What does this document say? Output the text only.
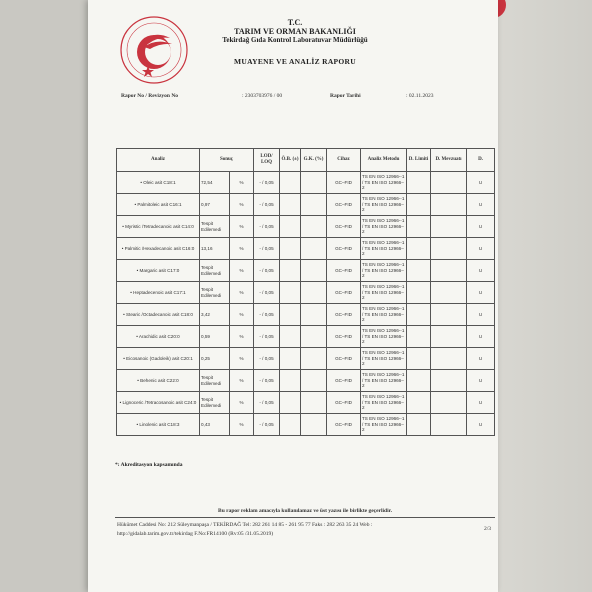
T.C.
TARIM VE ORMAN BAKANLIĞI
Tekirdağ Gıda Kontrol Laboratuvar Müdürlüğü
MUAYENE VE ANALİZ RAPORU
Rapor No / Revizyon No	: 2303703976 / 00	Rapor Tarihi	: 02.11.2023
Analiz	Sonuç		LOD/ LOQ	Ö.B. (±)	G.K. (%)	Cihaz	Analiz Metodu	D. Limiti	D. Mevzuatı	D.
• Oleic asit C18:1	72,54	%	- / 0,05			GC–FID	TS EN ISO 12966--1 / TS EN ISO 12966–2			U
• Palmitoleic asit C16:1	0,97	%	- / 0,05			GC–FID	TS EN ISO 12966--1 / TS EN ISO 12966–2			U
• Myristic /Tetradecanoic asit C14:0	Tespit Edilemedi	%	- / 0,05			GC–FID	TS EN ISO 12966--1 / TS EN ISO 12966–2			U
• Palmitic /Hexadecanoic asit C16:0	13,16	%	- / 0,05			GC–FID	TS EN ISO 12966--1 / TS EN ISO 12966–2			U
• Margaric asit C17:0	Tespit Edilemedi	%	- / 0,05			GC–FID	TS EN ISO 12966--1 / TS EN ISO 12966–2			U
• Heptadecenoic asit C17:1	Tespit Edilemedi	%	- / 0,05			GC–FID	TS EN ISO 12966--1 / TS EN ISO 12966–2			U
• Stearic /Octadecanoic asit C18:0	3,42	%	- / 0,05			GC–FID	TS EN ISO 12966--1 / TS EN ISO 12966–2			U
• Arachidic asit C20:0	0,59	%	- / 0,05			GC–FID	TS EN ISO 12966--1 / TS EN ISO 12966–2			U
• Eicosanoic (Gadoleik) asit C20:1	0,25	%	- / 0,05			GC–FID	TS EN ISO 12966--1 / TS EN ISO 12966–2			U
• Behenic asit C22:0	Tespit Edilemedi	%	- / 0,05			GC–FID	TS EN ISO 12966--1 / TS EN ISO 12966–2			U
• Lignoceric /Tetracosanoic asit C24:0	Tespit Edilemedi	%	- / 0,05			GC–FID	TS EN ISO 12966--1 / TS EN ISO 12966–2			U
• Linolenic asit C18:3	0,43	%	- / 0,05			GC–FID	TS EN ISO 12966--1 / TS EN ISO 12966–2			U
*: Akreditasyon kapsamında
Bu rapor reklam amacıyla kullanılamaz ve üst yazısı ile birlikte geçerlidir.
Hükümet Caddesi No: 212 Süleymanpaşa / TEKİRDAĞ Tel: 282 261 14 85 - 261 95 77 Faks : 282 263 35 24 Web :
http://gidalab.tarim.gov.tr/tekirdag F.No:FR14100 (Rv:05 /31.05.2019)
2/3
